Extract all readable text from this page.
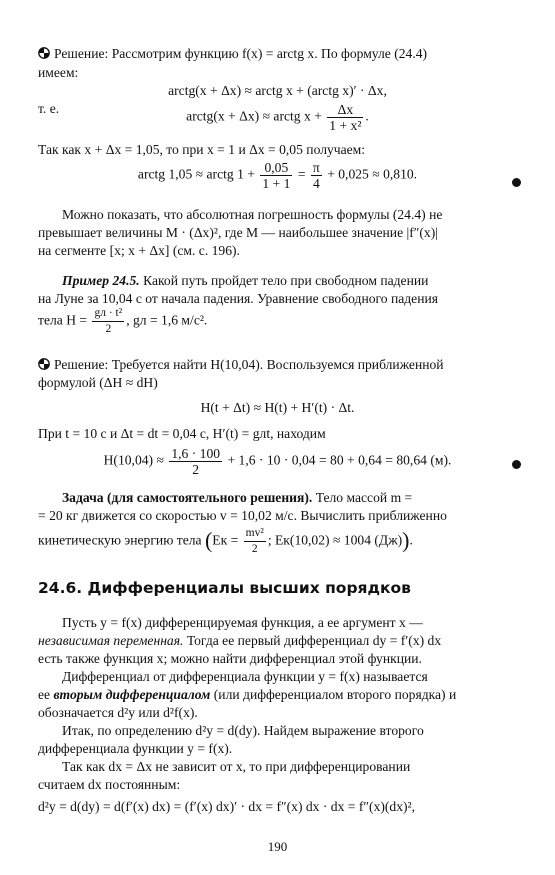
Решение: Рассмотрим функцию f(x) = arctg x. По формуле (24.4)
имеем:
arctg(x + Δx) ≈ arctg x + (arctg x)′ · Δx,
т. е.
arctg(x + Δx) ≈ arctg $x + \frac{\Delta x}{\text{1 + x²}}$ .
Так как x + Δx = 1,05, то при x = 1 и Δx = 0,05 получаем:
arctg 1,05 ≈ arctg $1 + \frac{0,05}{1 + 1} = \frac{\pi}{4} + 0,025 \approx 0,810$.
Можно показать, что абсолютная погрешность формулы (24.4) не
превышает величины M · (Δx)², где M — наибольшее значение |f″(x)|
на сегменте [x; x + Δx] (см. с. 196).
Пример 24.5. Какой путь пройдет тело при свободном падении
на Луне за 10,04 с от начала падения. Уравнение свободного падения
тела H = gл · t²
2
, gл = 1,6 м/с².
Решение: Требуется найти H(10,04). Воспользуемся приближенной
формулой (ΔH ≈ dH)
H(t + Δt) ≈ H(t) + H′(t) · Δt.
При t = 10 с и Δt = dt = 0,04 с, H′(t) = gлt, находим
$H(10,04) \approx \frac{1,6 \cdot 100}{2} + 1,6 \cdot 10 \cdot 0,04 = 80 + 0,64 = 80,64$ (м).
Задача (для самостоятельного решения). Тело массой m =
= 20 кг движется со скоростью v = 10,02 м/с. Вычислить приближенно
кинетическую энергию тела ($Eк = \frac{\text{mv²}}{2}$ ; Eк(10,02) ≈ 1004 (Дж)).
24.6. Дифференциалы высших порядков
Пусть y = f(x) дифференцируемая функция, а ее аргумент x —
независимая переменная. Тогда ее первый дифференциал dy = f′(x) dx
есть также функция x; можно найти дифференциал этой функции.
Дифференциал от дифференциала функции y = f(x) называется
ее вторым дифференциалом (или дифференциалом второго порядка) и
обозначается d²y или d²f(x).
Итак, по определению d²y = d(dy). Найдем выражение второго
дифференциала функции y = f(x).
Так как dx = Δx не зависит от x, то при дифференцировании
считаем dx постоянным:
d²y = d(dy) = d(f′(x) dx) = (f′(x) dx)′ · dx = f″(x) dx · dx = f″(x)(dx)²,
190
